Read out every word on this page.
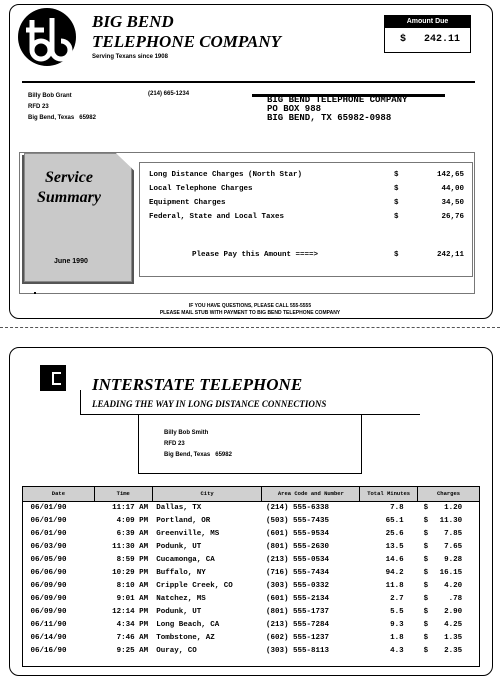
BIG BEND
TELEPHONE COMPANY
Serving Texans since 1908
Amount Due
$ 242.11
Billy Bob Grant
RFD 23
Big Bend, Texas 65982
(214) 665-1234
BIG BEND TELEPHONE COMPANY
PO BOX 988
BIG BEND, TX 65982-0988
Service
Summary
June 1990
Long Distance Charges (North Star)	$	142,65
Local Telephone Charges	$	44,00
Equipment Charges	$	34,50
Federal, State and Local Taxes	$	26,76
Please Pay this Amount ====>	$	242,11
IF YOU HAVE QUESTIONS, PLEASE CALL 555-5555
PLEASE MAIL STUB WITH PAYMENT TO BIG BEND TELEPHONE COMPANY
INTERSTATE TELEPHONE
LEADING THE WAY IN LONG DISTANCE CONNECTIONS
Billy Bob Smith
RFD 23
Big Bend, Texas 65982
Date	Time	City	Area Code and Number	Total Minutes	Charges
06/01/90	11:17 AM	Dallas, TX	(214) 555-6338	7.8	$ 1.20
06/01/90	4:09 PM	Portland, OR	(503) 555-7435	65.1	$ 11.30
06/01/90	6:39 AM	Greenville, MS	(601) 555-9534	25.6	$ 7.85
06/03/90	11:30 AM	Podunk, UT	(801) 555-2630	13.5	$ 7.65
06/05/90	8:59 PM	Cucamonga, CA	(213) 555-0534	14.6	$ 9.28
06/06/90	10:29 PM	Buffalo, NY	(716) 555-7434	94.2	$ 16.15
06/09/90	8:10 AM	Cripple Creek, CO	(303) 555-0332	11.8	$ 4.20
06/09/90	9:01 AM	Natchez, MS	(601) 555-2134	2.7	$ .78
06/09/90	12:14 PM	Podunk, UT	(801) 555-1737	5.5	$ 2.90
06/11/90	4:34 PM	Long Beach, CA	(213) 555-7284	9.3	$ 4.25
06/14/90	7:46 AM	Tombstone, AZ	(602) 555-1237	1.8	$ 1.35
06/16/90	9:25 AM	Ouray, CO	(303) 555-8113	4.3	$ 2.35
